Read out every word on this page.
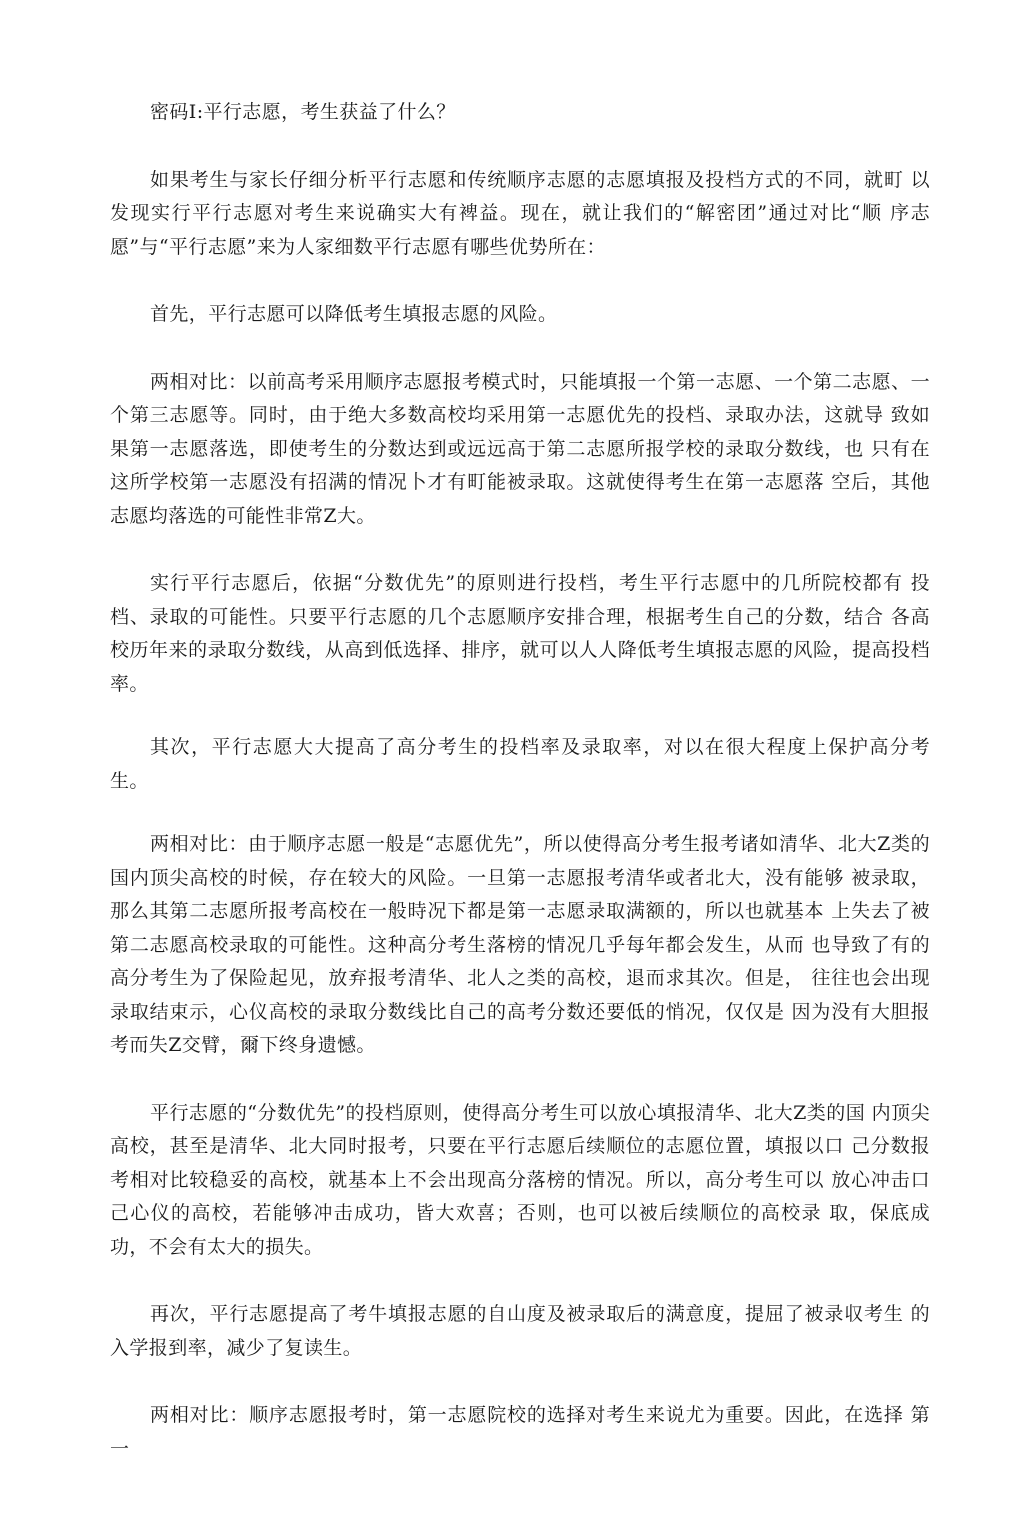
密码I:平行志愿，考生获益了什么？

如果考生与家长仔细分析平行志愿和传统顺序志愿的志愿填报及投档方式的不同，就町 以发现实行平行志愿对考生来说确实大有裨益。现在，就让我们的“解密团”通过对比“顺 序志愿”与“平行志愿”来为人家细数平行志愿有哪些优势所在：

首先，平行志愿可以降低考生填报志愿的风险。

两相对比：以前高考采用顺序志愿报考模式时，只能填报一个第一志愿、一个第二志愿、一个第三志愿等。同时，由于绝大多数高校均采用第一志愿优先的投档、录取办法，这就导 致如果第一志愿落选，即使考生的分数达到或远远高于第二志愿所报学校的录取分数线，也 只有在这所学校第一志愿没有招满的情况卜才有町能被录取。这就使得考生在第一志愿落 空后，其他志愿均落选的可能性非常Z大。

实行平行志愿后，依据“分数优先”的原则进行投档，考生平行志愿中的几所院校都有 投档、录取的可能性。只要平行志愿的几个志愿顺序安排合理，根据考生自己的分数，结合 各高校历年来的录取分数线，从高到低选择、排序，就可以人人降低考生填报志愿的风险，提高投档率。

其次，平行志愿大大提高了高分考生的投档率及录取率，对以在很大程度上保护高分考 生。

两相对比：由于顺序志愿一般是“志愿优先”，所以使得高分考生报考诸如清华、北大Z类的国内顶尖高校的时候，存在较大的风险。一旦第一志愿报考清华或者北大，没有能够 被录取，那么其第二志愿所报考高校在一般時况下都是第一志愿录取满额的，所以也就基本 上失去了被第二志愿高校录取的可能性。这种高分考生落榜的情况几乎每年都会发生，从而 也导致了有的高分考生为了保险起见，放弃报考清华、北人之类的高校，退而求其次。但是， 往往也会出现录取结束示，心仪高校的录取分数线比自己的高考分数还要低的悄况，仅仅是 因为没有大胆报考而失Z交臂，爾下终身遗憾。

平行志愿的“分数优先”的投档原则，使得高分考生可以放心填报清华、北大Z类的国 内顶尖高校，甚至是清华、北大同时报考，只要在平行志愿后续顺位的志愿位置，填报以口 己分数报考相对比较稳妥的高校，就基本上不会出现高分落榜的情况。所以，高分考生可以 放心冲击口己心仪的高校，若能够冲击成功，皆大欢喜；否则，也可以被后续顺位的高校录 取，保底成功，不会有太大的损失。

再次，平行志愿提高了考牛填报志愿的自山度及被录取后的满意度，提屈了被录収考生 的入学报到率，减少了复读生。

两相对比：顺序志愿报考时，第一志愿院校的选择对考生来说尤为重要。因此，在选择 第一
